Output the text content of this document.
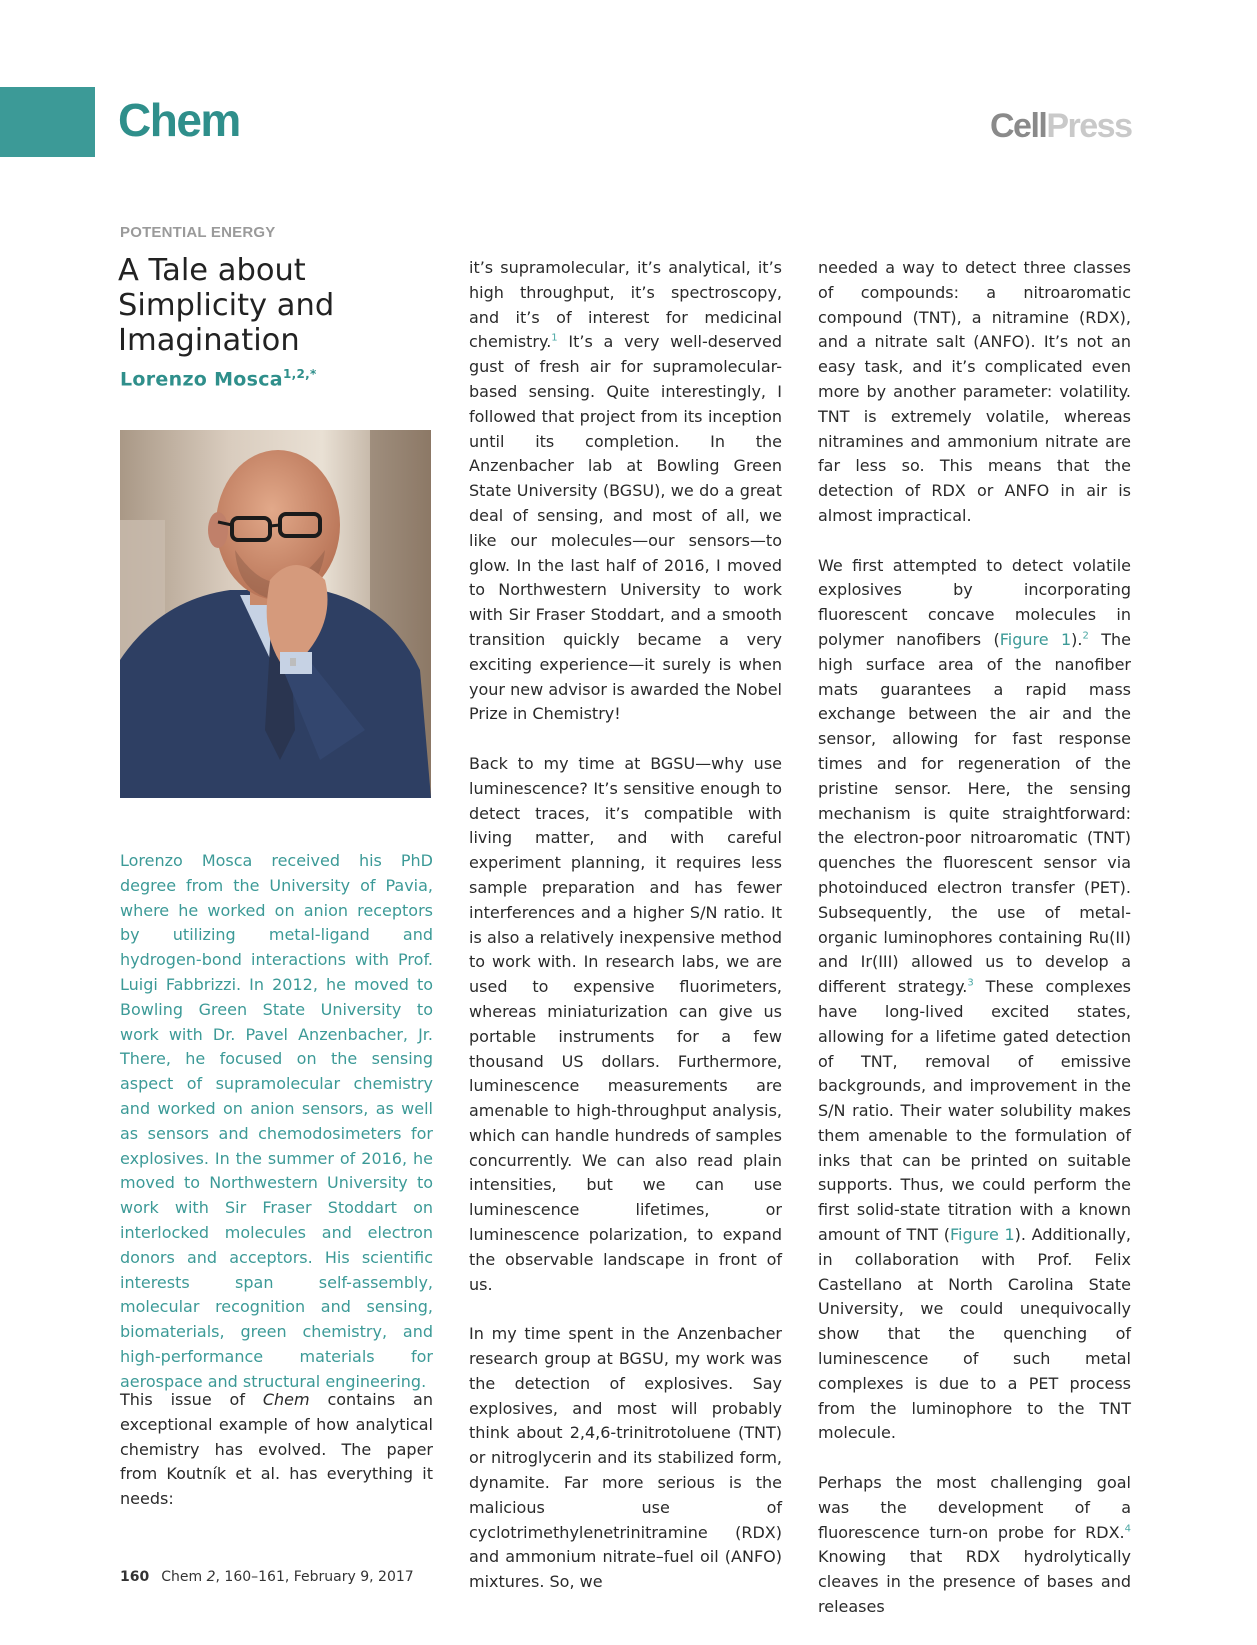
Chem	CellPress
POTENTIAL ENERGY
A Tale about Simplicity and Imagination
Lorenzo Mosca$^{1,2,*}$

Lorenzo Mosca received his PhD degree from the University of Pavia, where he worked on anion receptors by utilizing metal-ligand and hydrogen-bond interactions with Prof. Luigi Fabbrizzi. In 2012, he moved to Bowling Green State University to work with Dr. Pavel Anzenbacher, Jr. There, he focused on the sensing aspect of supramolecular chemistry and worked on anion sensors, as well as sensors and chemodosimeters for explosives. In the summer of 2016, he moved to Northwestern University to work with Sir Fraser Stoddart on interlocked molecules and electron donors and acceptors. His scientific interests span self-assembly, molecular recognition and sensing, biomaterials, green chemistry, and high-performance materials for aerospace and structural engineering.

This issue of Chem contains an exceptional example of how analytical chemistry has evolved. The paper from Koutník et al. has everything it needs:

it’s supramolecular, it’s analytical, it’s high throughput, it’s spectroscopy, and it’s of interest for medicinal chemistry.$^1$ It’s a very well-deserved gust of fresh air for supramolecular-based sensing. Quite interestingly, I followed that project from its inception until its completion. In the Anzenbacher lab at Bowling Green State University (BGSU), we do a great deal of sensing, and most of all, we like our molecules—our sensors—to glow. In the last half of 2016, I moved to Northwestern University to work with Sir Fraser Stoddart, and a smooth transition quickly became a very exciting experience—it surely is when your new advisor is awarded the Nobel Prize in Chemistry!

Back to my time at BGSU—why use luminescence? It’s sensitive enough to detect traces, it’s compatible with living matter, and with careful experiment planning, it requires less sample preparation and has fewer interferences and a higher S/N ratio. It is also a relatively inexpensive method to work with. In research labs, we are used to expensive fluorimeters, whereas miniaturization can give us portable instruments for a few thousand US dollars. Furthermore, luminescence measurements are amenable to high-throughput analysis, which can handle hundreds of samples concurrently. We can also read plain intensities, but we can use luminescence lifetimes, or luminescence polarization, to expand the observable landscape in front of us.

In my time spent in the Anzenbacher research group at BGSU, my work was the detection of explosives. Say explosives, and most will probably think about 2,4,6-trinitrotoluene (TNT) or nitroglycerin and its stabilized form, dynamite. Far more serious is the malicious use of cyclotrimethylenetrinitramine (RDX) and ammonium nitrate–fuel oil (ANFO) mixtures. So, we

needed a way to detect three classes of compounds: a nitroaromatic compound (TNT), a nitramine (RDX), and a nitrate salt (ANFO). It’s not an easy task, and it’s complicated even more by another parameter: volatility. TNT is extremely volatile, whereas nitramines and ammonium nitrate are far less so. This means that the detection of RDX or ANFO in air is almost impractical.

We first attempted to detect volatile explosives by incorporating fluorescent concave molecules in polymer nanofibers (Figure 1).$^2$ The high surface area of the nanofiber mats guarantees a rapid mass exchange between the air and the sensor, allowing for fast response times and for regeneration of the pristine sensor. Here, the sensing mechanism is quite straightforward: the electron-poor nitroaromatic (TNT) quenches the fluorescent sensor via photoinduced electron transfer (PET). Subsequently, the use of metal-organic luminophores containing Ru(II) and Ir(III) allowed us to develop a different strategy.$^3$ These complexes have long-lived excited states, allowing for a lifetime gated detection of TNT, removal of emissive backgrounds, and improvement in the S/N ratio. Their water solubility makes them amenable to the formulation of inks that can be printed on suitable supports. Thus, we could perform the first solid-state titration with a known amount of TNT (Figure 1). Additionally, in collaboration with Prof. Felix Castellano at North Carolina State University, we could unequivocally show that the quenching of luminescence of such metal complexes is due to a PET process from the luminophore to the TNT molecule.

Perhaps the most challenging goal was the development of a fluorescence turn-on probe for RDX.$^4$ Knowing that RDX hydrolytically cleaves in the presence of bases and releases

160 Chem 2, 160–161, February 9, 2017
